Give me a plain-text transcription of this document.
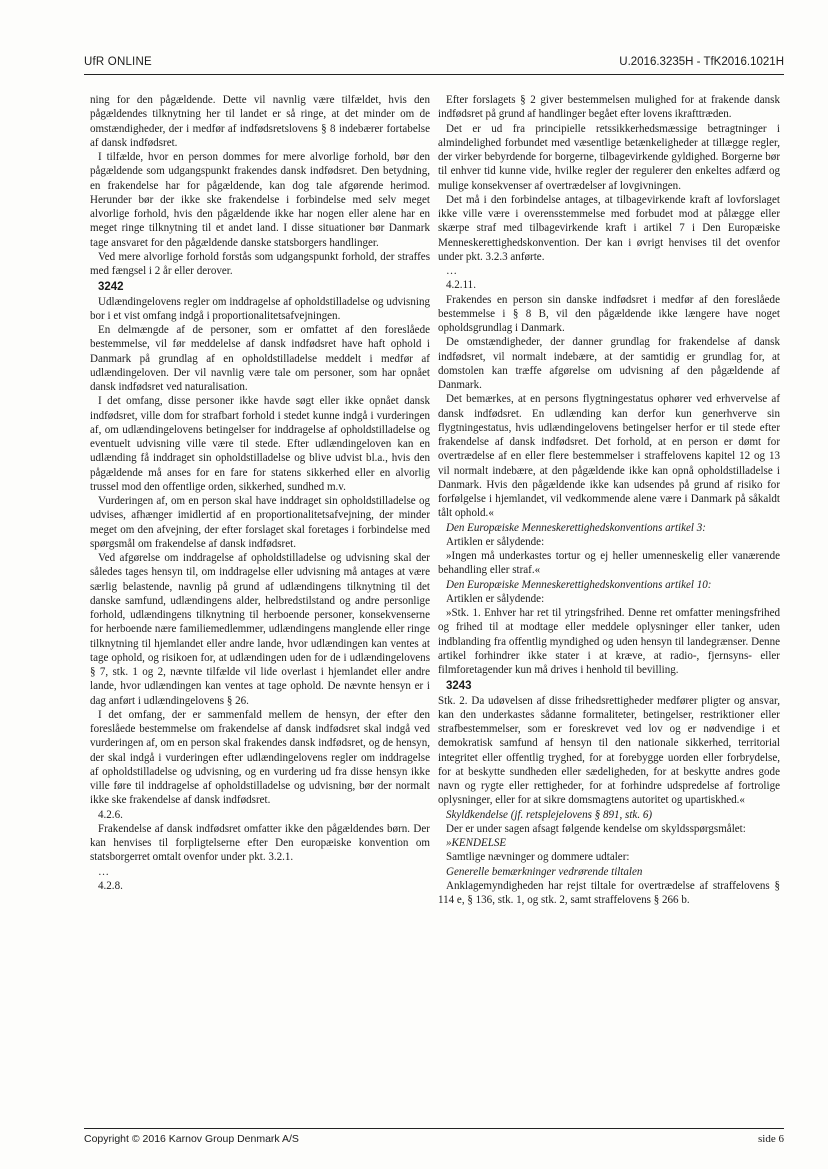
UfR ONLINE	U.2016.3235H - TfK2016.1021H

ning for den pågældende. Dette vil navnlig være tilfældet, hvis den pågældendes tilknytning her til landet er så ringe, at det minder om de omstændigheder, der i medfør af indfødsretslovens § 8 indebærer fortabelse af dansk indfødsret.

I tilfælde, hvor en person dommes for mere alvorlige forhold, bør den pågældende som udgangspunkt frakendes dansk indfødsret. Den betydning, en frakendelse har for pågældende, kan dog tale afgørende herimod. Herunder bør der ikke ske frakendelse i forbindelse med selv meget alvorlige forhold, hvis den pågældende ikke har nogen eller alene har en meget ringe tilknytning til et andet land. I disse situationer bør Danmark tage ansvaret for den pågældende danske statsborgers handlinger.

Ved mere alvorlige forhold forstås som udgangspunkt forhold, der straffes med fængsel i 2 år eller derover.

3242

Udlændingelovens regler om inddragelse af opholdstilladelse og udvisning bor i et vist omfang indgå i proportionalitetsafvejningen.

En delmængde af de personer, som er omfattet af den foreslåede bestemmelse, vil før meddelelse af dansk indfødsret have haft ophold i Danmark på grundlag af en opholdstilladelse meddelt i medfør af udlændingeloven. Der vil navnlig være tale om personer, som har opnået dansk indfødsret ved naturalisation.

I det omfang, disse personer ikke havde søgt eller ikke opnået dansk indfødsret, ville dom for strafbart forhold i stedet kunne indgå i vurderingen af, om udlændingelovens betingelser for inddragelse af opholdstilladelse og eventuelt udvisning ville være til stede. Efter udlændingeloven kan en udlænding få inddraget sin opholdstilladelse og blive udvist bl.a., hvis den pågældende må anses for en fare for statens sikkerhed eller en alvorlig trussel mod den offentlige orden, sikkerhed, sundhed m.v.

Vurderingen af, om en person skal have inddraget sin opholdstilladelse og udvises, afhænger imidlertid af en proportionalitetsafvejning, der minder meget om den afvejning, der efter forslaget skal foretages i forbindelse med spørgsmål om frakendelse af dansk indfødsret.

Ved afgørelse om inddragelse af opholdstilladelse og udvisning skal der således tages hensyn til, om inddragelse eller udvisning må antages at være særlig belastende, navnlig på grund af udlændingens tilknytning til det danske samfund, udlændingens alder, helbredstilstand og andre personlige forhold, udlændingens tilknytning til herboende personer, konsekvenserne for herboende nære familiemedlemmer, udlændingens manglende eller ringe tilknytning til hjemlandet eller andre lande, hvor udlændingen kan ventes at tage ophold, og risikoen for, at udlændingen uden for de i udlændingelovens § 7, stk. 1 og 2, nævnte tilfælde vil lide overlast i hjemlandet eller andre lande, hvor udlændingen kan ventes at tage ophold. De nævnte hensyn er i dag anført i udlændingelovens § 26.

I det omfang, der er sammenfald mellem de hensyn, der efter den foreslåede bestemmelse om frakendelse af dansk indfødsret skal indgå ved vurderingen af, om en person skal frakendes dansk indfødsret, og de hensyn, der skal indgå i vurderingen efter udlændingelovens regler om inddragelse af opholdstilladelse og udvisning, og en vurdering ud fra disse hensyn ikke ville føre til inddragelse af opholdstilladelse og udvisning, bør der normalt ikke ske frakendelse af dansk indfødsret.

4.2.6.

Frakendelse af dansk indfødsret omfatter ikke den pågældendes børn. Der kan henvises til forpligtelserne efter Den europæiske konvention om statsborgerret omtalt ovenfor under pkt. 3.2.1.

…

4.2.8.

Efter forslagets § 2 giver bestemmelsen mulighed for at frakende dansk indfødsret på grund af handlinger begået efter lovens ikrafttræden.

Det er ud fra principielle retssikkerhedsmæssige betragtninger i almindelighed forbundet med væsentlige betænkeligheder at tillægge regler, der virker bebyrdende for borgerne, tilbagevirkende gyldighed. Borgerne bør til enhver tid kunne vide, hvilke regler der regulerer den enkeltes adfærd og mulige konsekvenser af overtrædelser af lovgivningen.

Det må i den forbindelse antages, at tilbagevirkende kraft af lovforslaget ikke ville være i overensstemmelse med forbudet mod at pålægge eller skærpe straf med tilbagevirkende kraft i artikel 7 i Den Europæiske Menneskerettighedskonvention. Der kan i øvrigt henvises til det ovenfor under pkt. 3.2.3 anførte.

…

4.2.11.

Frakendes en person sin danske indfødsret i medfør af den foreslåede bestemmelse i § 8 B, vil den pågældende ikke længere have noget opholdsgrundlag i Danmark.

De omstændigheder, der danner grundlag for frakendelse af dansk indfødsret, vil normalt indebære, at der samtidig er grundlag for, at domstolen kan træffe afgørelse om udvisning af den pågældende af Danmark.

Det bemærkes, at en persons flygtningestatus ophører ved erhvervelse af dansk indfødsret. En udlænding kan derfor kun generhverve sin flygtningestatus, hvis udlændingelovens betingelser herfor er til stede efter frakendelse af dansk indfødsret. Det forhold, at en person er dømt for overtrædelse af en eller flere bestemmelser i straffelovens kapitel 12 og 13 vil normalt indebære, at den pågældende ikke kan opnå opholdstilladelse i Danmark. Hvis den pågældende ikke kan udsendes på grund af risiko for forfølgelse i hjemlandet, vil vedkommende alene være i Danmark på såkaldt tålt ophold.«

Den Europæiske Menneskerettighedskonventions artikel 3:

Artiklen er sålydende:

»Ingen må underkastes tortur og ej heller umenneskelig eller vanærende behandling eller straf.«

Den Europæiske Menneskerettighedskonventions artikel 10:

Artiklen er sålydende:

»Stk. 1. Enhver har ret til ytringsfrihed. Denne ret omfatter meningsfrihed og frihed til at modtage eller meddele oplysninger eller tanker, uden indblanding fra offentlig myndighed og uden hensyn til landegrænser. Denne artikel forhindrer ikke stater i at kræve, at radio-, fjernsyns- eller filmforetagender kun må drives i henhold til bevilling.

3243

Stk. 2. Da udøvelsen af disse frihedsrettigheder medfører pligter og ansvar, kan den underkastes sådanne formaliteter, betingelser, restriktioner eller strafbestemmelser, som er foreskrevet ved lov og er nødvendige i et demokratisk samfund af hensyn til den nationale sikkerhed, territorial integritet eller offentlig tryghed, for at forebygge uorden eller forbrydelse, for at beskytte sundheden eller sædeligheden, for at beskytte andres gode navn og rygte eller rettigheder, for at forhindre udspredelse af fortrolige oplysninger, eller for at sikre domsmagtens autoritet og upartiskhed.«

Skyldkendelse (jf. retsplejelovens § 891, stk. 6)

Der er under sagen afsagt følgende kendelse om skyldsspørgsmålet:

»KENDELSE

Samtlige nævninger og dommere udtaler:

Generelle bemærkninger vedrørende tiltalen

Anklagemyndigheden har rejst tiltale for overtrædelse af straffelovens § 114 e, § 136, stk. 1, og stk. 2, samt straffelovens § 266 b.

Copyright © 2016 Karnov Group Denmark A/S	side 6
